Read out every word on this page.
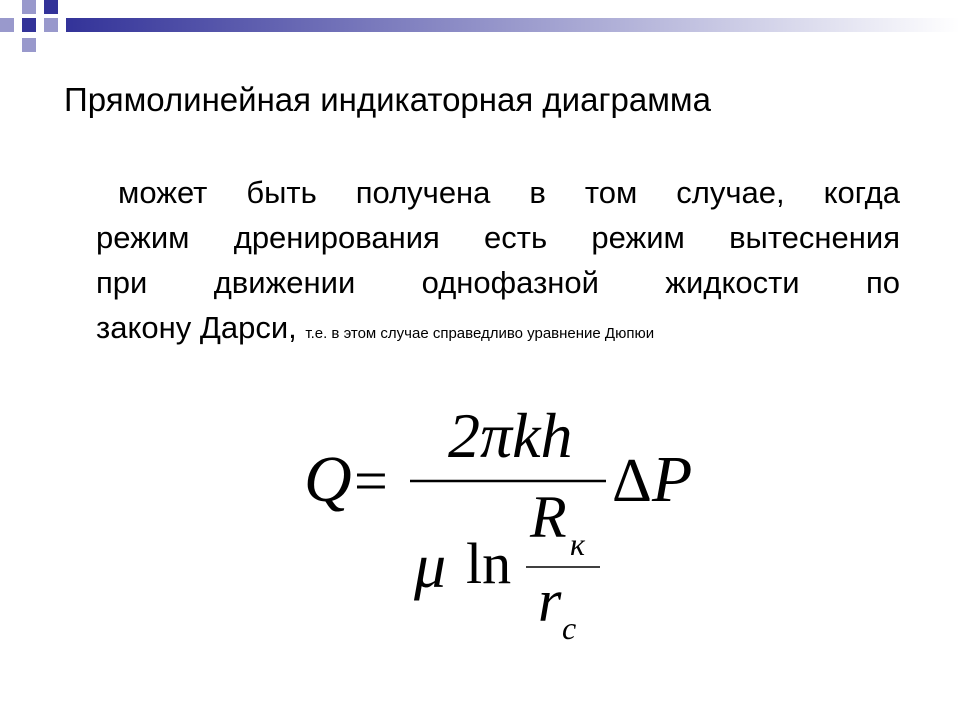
Прямолинейная индикаторная диаграмма
может быть получена в том случае, когда
режим дренирования есть режим вытеснения
при движении однофазной жидкости по
закону Дарси, т.е. в этом случае справедливо уравнение Дюпюи
Q =
2πkh
μ ln
R к
r c
Δ P
